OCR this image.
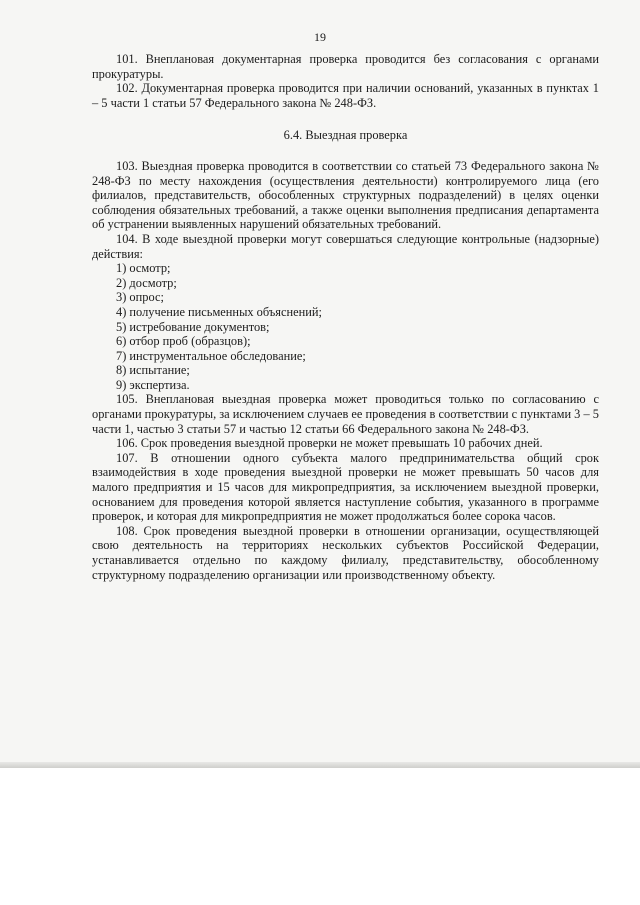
19

101. Внеплановая документарная проверка проводится без согласования с органами прокуратуры.

102. Документарная проверка проводится при наличии оснований, указанных в пунктах 1 – 5 части 1 статьи 57 Федерального закона № 248-ФЗ.

6.4. Выездная проверка

103. Выездная проверка проводится в соответствии со статьей 73 Федерального закона № 248-ФЗ по месту нахождения (осуществления деятельности) контролируемого лица (его филиалов, представительств, обособленных структурных подразделений) в целях оценки соблюдения обязательных требований, а также оценки выполнения предписания департамента об устранении выявленных нарушений обязательных требований.

104. В ходе выездной проверки могут совершаться следующие контрольные (надзорные) действия:

1) осмотр;

2) досмотр;

3) опрос;

4) получение письменных объяснений;

5) истребование документов;

6) отбор проб (образцов);

7) инструментальное обследование;

8) испытание;

9) экспертиза.

105. Внеплановая выездная проверка может проводиться только по согласованию с органами прокуратуры, за исключением случаев ее проведения в соответствии с пунктами 3 – 5 части 1, частью 3 статьи 57 и частью 12 статьи 66 Федерального закона № 248-ФЗ.

106. Срок проведения выездной проверки не может превышать 10 рабочих дней.

107. В отношении одного субъекта малого предпринимательства общий срок взаимодействия в ходе проведения выездной проверки не может превышать 50 часов для малого предприятия и 15 часов для микропредприятия, за исключением выездной проверки, основанием для проведения которой является наступление события, указанного в программе проверок, и которая для микропредприятия не может продолжаться более сорока часов.

108. Срок проведения выездной проверки в отношении организации, осуществляющей свою деятельность на территориях нескольких субъектов Российской Федерации, устанавливается отдельно по каждому филиалу, представительству, обособленному структурному подразделению организации или производственному объекту.
